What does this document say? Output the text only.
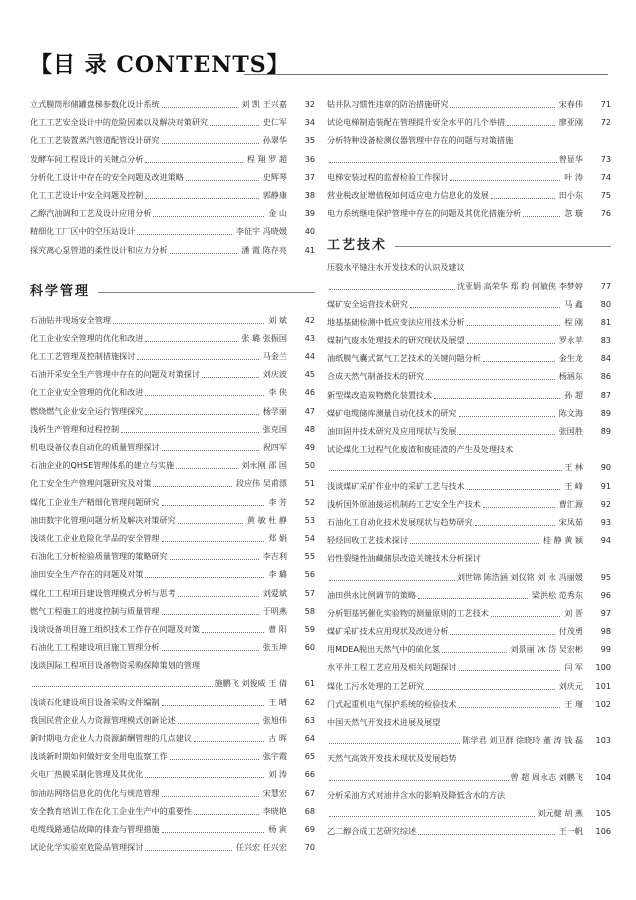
【目 录 CONTENTS】
立式膜筒形储罐盘梯参数化设计系统	刘 凯 王兴嘉	32
化工工艺安全设计中的危险因素以及解决对策研究	史仁军	34
化工工艺装置蒸汽管道配管设计研究	孙翠华	35
发酵车间工程设计的关键点分析	程 翔 罗 超	36
分析化工设计中存在的安全问题及改进策略	史辉琴	37
化工工艺设计中安全问题及控制	郭静康	38
乙醇汽油调和工艺及设计应用分析	金 山	39
精细化工厂区中的空压站设计	李征宇 冯晓媛	40
探究离心泵管道的柔性设计和应力分析	潘 霞 陈存亮	41
科学管理
石油钻井现场安全管理	刘 斌	42
化工企业安全管理的优化和改进	张 璐 张振国	43
化工工艺管理及控制措施探讨	马金兰	44
石油开采安全生产管理中存在的问题及对策探讨	刘庆波	45
化工企业安全管理的优化和改进	李 侠	46
燃烧燃气企业安全运行管理探究	杨学丽	47
浅析生产管理和过程控制	张克国	48
机电设备仪表自动化的质量管理探讨	祝四军	49
石油企业的QHSE管理体系的建立与实施	刘永刚 邵 国	50
化工安全生产管理问题研究及对策	段应伟 吴甫漂	51
煤化工企业生产精细化管理问题研究	李 芳	52
油田数字化管理问题分析及解决对策研究	黄 敏 杜 静	53
浅谈化工企业危险化学品的安全管理	郑 娟	54
石油化工分析检验质量管理的策略研究	李吉利	55
油田安全生产存在的问题及对策	李 璐	56
煤化工工程项目建设管理模式分析与思考	刘爱斌	57
燃气工程施工的进度控制与质量管理	于明燕	58
浅谈设备项目施工组织技术工作存在问题及对策	曹 阳	59
石油化工工程建设项目施工管理分析	张玉坤	60
浅谈国际工程项目设备物资采购保障策划的管理
施鹏飞 刘俊威 王 倩	61
浅谈石化建设项目设备采购文件编制	王 晴	62
我国民营企业人力资源管理模式创新论述	张旭伟	63
新时期电力企业人力资源薪酬管理的几点建议	古 晖	64
浅谈新时期如何做好安全用电监察工作	张宇霞	65
火电厂热膜采制化管理及其优化	刘 涛	66
加油站网络信息化的优化与规范管理	宋慧宏	67
安全教育培训工作在化工企业生产中的重要性	李晓艳	68
电缆线路通信故障的排查与管理措施	杨 寅	69
试论化学实验室危险品管理探讨	任兴宏 任兴宏	70
钻井队习惯性违章的防治措施研究	宋春伟	71
试论电梯制造装配在管理提升安全水平的几个举措	廖亚刚	72
分析特种设备检测仪器管理中存在的问题与对策措施
曾显华	73
电梯安装过程的监督检验工作探讨	叶 涛	74
营业税改征增值税如何适应电力信息化的发展	田小东	75
电力系统继电保护管理中存在的问题及其优化措施分析	忽 璇	76
工艺技术
压裂水平缝注水开发技术的认识及建议
沈亚娟 高荣华 郑 昀 何敏侠 李梦婷	77
煤矿安全运营技术研究	马 鑫	80
地基基础检测中低应变法应用技术分析	程 刚	81
煤制气废水处理技术的研究现状及展望	罗永苹	83
油纸膜气囊式氮气工艺技术的关键问题分析	金生龙	84
合成天然气制备技术的研究	杨涵东	86
新型煤改造炭物燃化装置技术	孙 超	87
煤矿电缆储库测量自动化技术的研究	陈文海	89
油田固井技术研究及应用现状与发展	张国胜	89
试论煤化工过程气化废渣和废硅渣的产生及处理技术
王 林	90
浅谈煤矿采矿作业中的采矿工艺与技术	王 峰	91
浅析国外原油接运机制药工艺安全生产技术	曹汇源	92
石油化工自动化技术发展现状与趋势研究	宋凤茹	93
轻烃回收工艺技术探讨	桂 静 黄 颖	94
岩性裂缝性油藏储层改造关键技术分析探讨
刘世锦 陈浩涵 刘仪铭 刘 永 冯丽媛	95
油田供水比例调节的策略	梁洪松 范秀东	96
分析钼基钙催化实验物的测量原则的工艺技术	刘 晋	97
煤矿采矿技术应用现状及改进分析	付茂勇	98
用MDEA脱出天然气中的硫化氢	刘景丽 冰 岱 吴宏彬	99
水平井工程工艺应用及相关问题探讨	闫 军	100
煤化工污水处理的工艺研究	刘庆元	101
门式起重机电气保护系统的检验技术	王 瑾	102
中国天然气开发技术进展及展望
陈学君 刘卫群 徐晓玲 董 涛 钱 磊	103
天然气高效开发技术现状及发展趋势
曾 超 周永志 刘鹏飞	104
分析采油方式对油井含水的影响及降低含水的方法
刘元健 胡 燕	105
乙二醇合成工艺研究综述	王一帆	106
